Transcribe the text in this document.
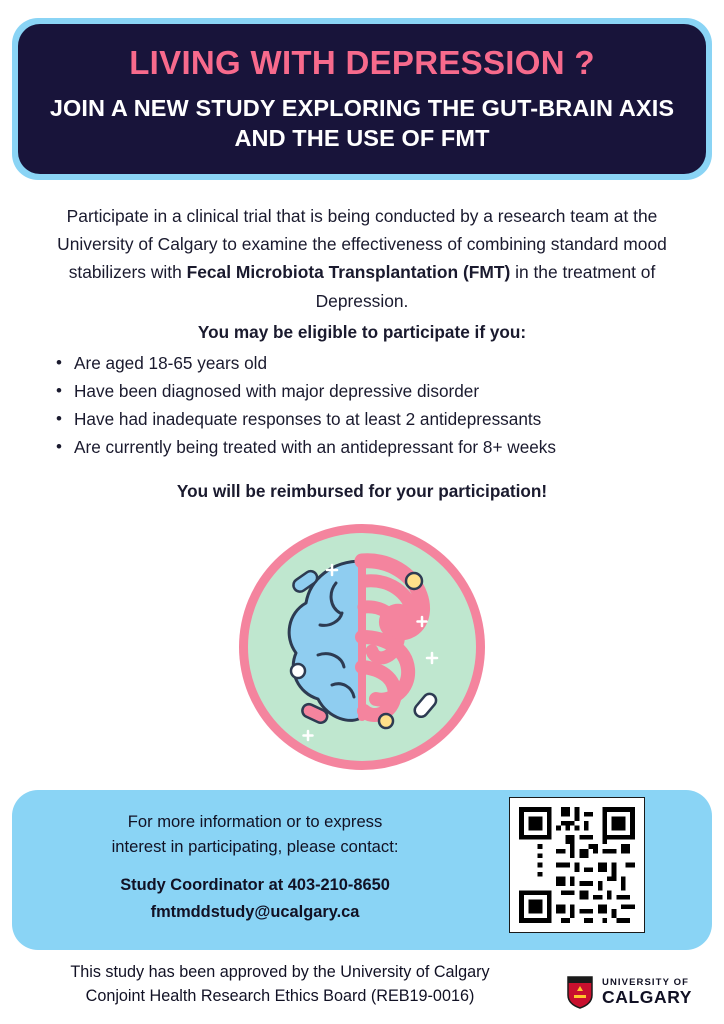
LIVING WITH DEPRESSION ?
JOIN A NEW STUDY EXPLORING THE GUT-BRAIN AXIS AND THE USE OF FMT
Participate in a clinical trial that is being conducted by a research team at the University of Calgary to examine the effectiveness of combining standard mood stabilizers with Fecal Microbiota Transplantation (FMT) in the treatment of Depression.
You may be eligible to participate if you:
• Are aged 18-65 years old
• Have been diagnosed with major depressive disorder
• Have had inadequate responses to at least 2 antidepressants
• Are currently being treated with an antidepressant for 8+ weeks
You will be reimbursed for your participation!
For more information or to express
interest in participating, please contact:
Study Coordinator at 403-210-8650
fmtmddstudy@ucalgary.ca
This study has been approved by the University of Calgary
Conjoint Health Research Ethics Board (REB19-0016)
UNIVERSITY OF
CALGARY
